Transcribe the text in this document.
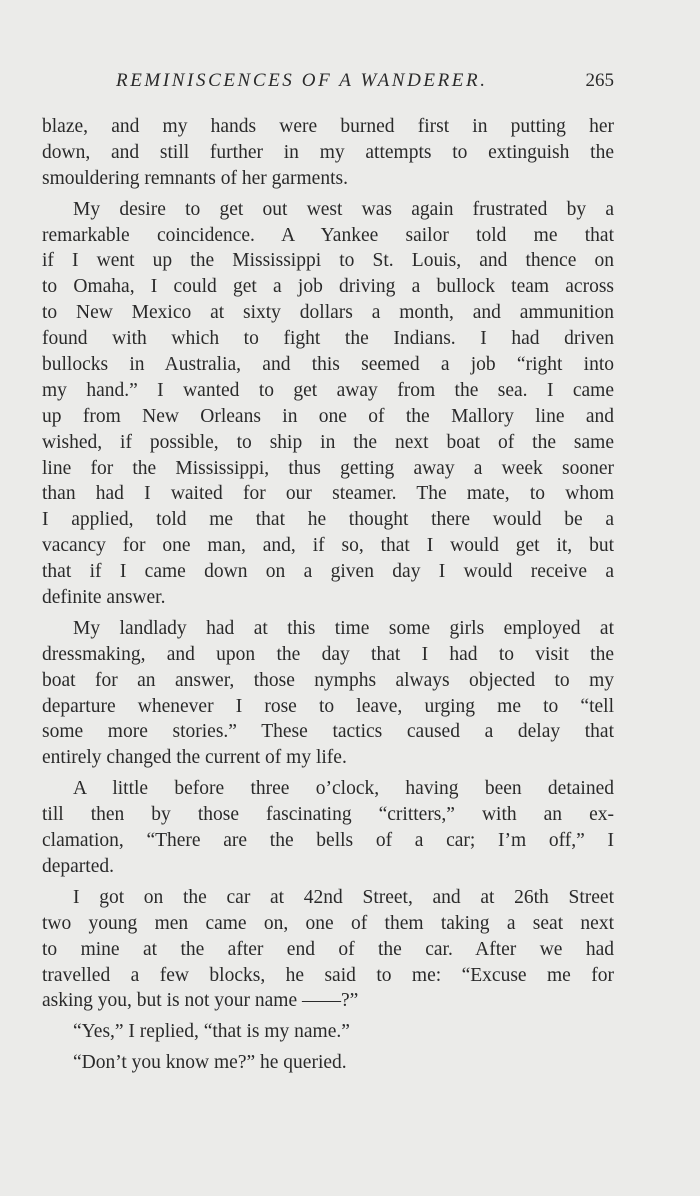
REMINISCENCES OF A WANDERER.	265
blaze, and my hands were burned first in putting her
down, and still further in my attempts to extinguish the
smouldering remnants of her garments.
My desire to get out west was again frustrated by a
remarkable coincidence. A Yankee sailor told me that
if I went up the Mississippi to St. Louis, and thence on
to Omaha, I could get a job driving a bullock team across
to New Mexico at sixty dollars a month, and ammunition
found with which to fight the Indians. I had driven
bullocks in Australia, and this seemed a job “right into
my hand.” I wanted to get away from the sea. I came
up from New Orleans in one of the Mallory line and
wished, if possible, to ship in the next boat of the same
line for the Mississippi, thus getting away a week sooner
than had I waited for our steamer. The mate, to whom
I applied, told me that he thought there would be a
vacancy for one man, and, if so, that I would get it, but
that if I came down on a given day I would receive a
definite answer.
My landlady had at this time some girls employed at
dressmaking, and upon the day that I had to visit the
boat for an answer, those nymphs always objected to my
departure whenever I rose to leave, urging me to “tell
some more stories.” These tactics caused a delay that
entirely changed the current of my life.
A little before three o’clock, having been detained
till then by those fascinating “critters,” with an ex-
clamation, “There are the bells of a car; I’m off,” I
departed.
I got on the car at 42nd Street, and at 26th Street
two young men came on, one of them taking a seat next
to mine at the after end of the car. After we had
travelled a few blocks, he said to me: “Excuse me for
asking you, but is not your name ——?”
“Yes,” I replied, “that is my name.”
“Don’t you know me?” he queried.
